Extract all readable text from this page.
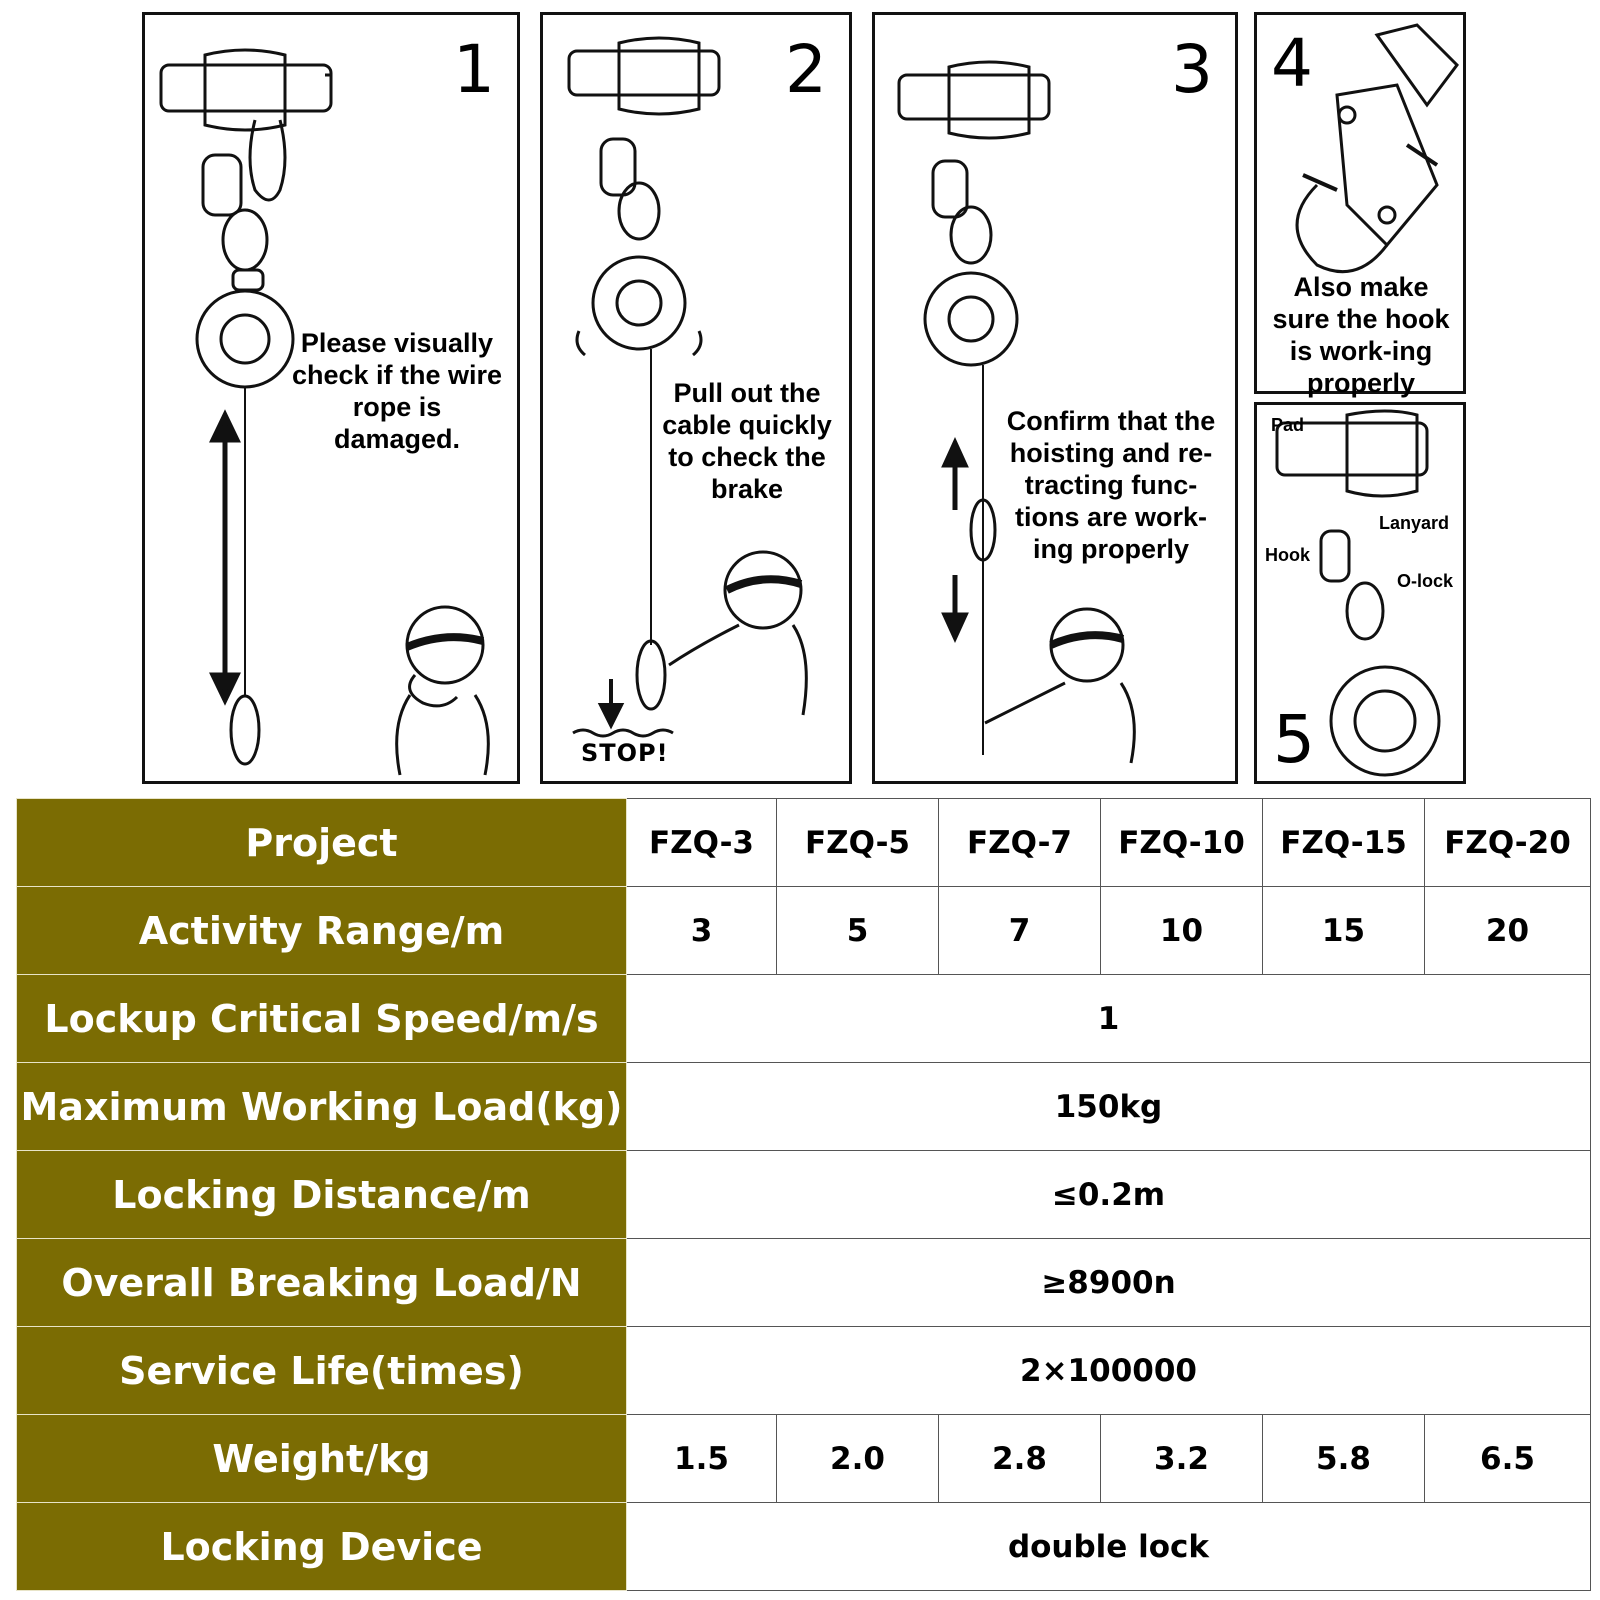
1
Please visually check if the wire rope is damaged.
2
Pull out the cable quickly to check the brake
STOP!
3
Confirm that the hoisting and re-tracting func-tions are work-ing properly
4
Also make sure the hook is work-ing properly
5
Pad
Lanyard
Hook
O-lock
Project	FZQ-3	FZQ-5	FZQ-7	FZQ-10	FZQ-15	FZQ-20
Activity Range/m	3	5	7	10	15	20
Lockup Critical Speed/m/s	1					
Maximum Working Load(kg)	150kg					
Locking Distance/m	≤0.2m					
Overall Breaking Load/N	≥8900n					
Service Life(times)	2×100000					
Weight/kg	1.5	2.0	2.8	3.2	5.8	6.5
Locking Device	double lock					
